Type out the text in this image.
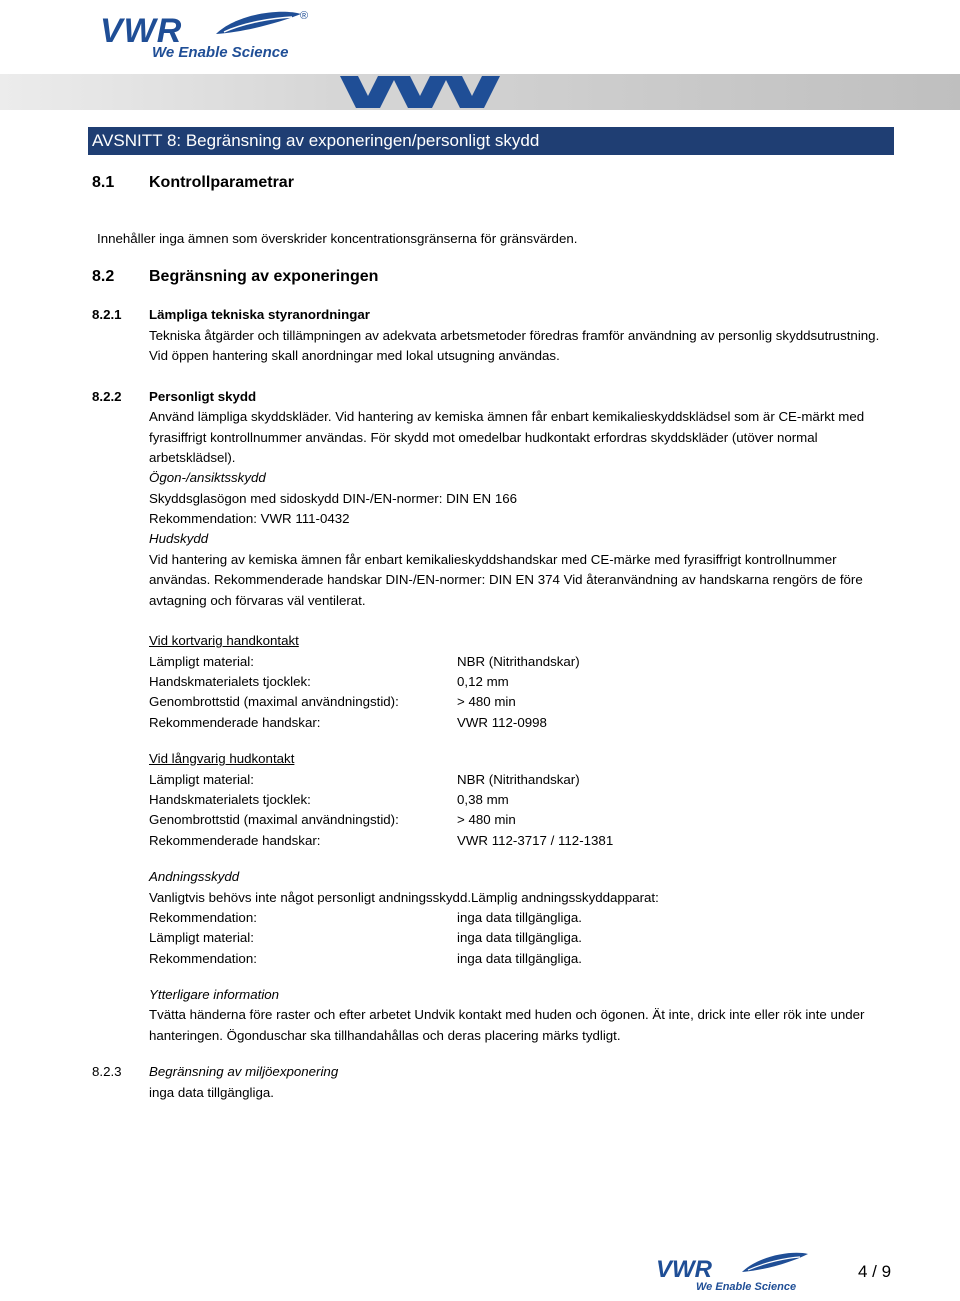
VWR	®
We Enable Science
AVSNITT 8: Begränsning av exponeringen/personligt skydd
8.1 Kontrollparametrar
Innehåller inga ämnen som överskrider koncentrationsgränserna för gränsvärden.
8.2 Begränsning av exponeringen
8.2.1 Lämpliga tekniska styranordningar
Tekniska åtgärder och tillämpningen av adekvata arbetsmetoder föredras framför användning av personlig skyddsutrustning.
Vid öppen hantering skall anordningar med lokal utsugning användas.
8.2.2 Personligt skydd
Använd lämpliga skyddskläder. Vid hantering av kemiska ämnen får enbart kemikalieskyddsklädsel som är CE-märkt med
fyrasiffrigt kontrollnummer användas. För skydd mot omedelbar hudkontakt erfordras skyddskläder (utöver normal
arbetsklädsel).
Ögon-/ansiktsskydd
Skyddsglasögon med sidoskydd DIN-/EN-normer: DIN EN 166
Rekommendation: VWR 111-0432
Hudskydd
Vid hantering av kemiska ämnen får enbart kemikalieskyddshandskar med CE-märke med fyrasiffrigt kontrollnummer
användas. Rekommenderade handskar DIN-/EN-normer: DIN EN 374 Vid återanvändning av handskarna rengörs de före
avtagning och förvaras väl ventilerat.
Vid kortvarig handkontakt
Lämpligt material:	NBR (Nitrithandskar)
Handskmaterialets tjocklek:	0,12 mm
Genombrottstid (maximal användningstid):	> 480 min
Rekommenderade handskar:	VWR 112-0998
Vid långvarig hudkontakt
Lämpligt material:	NBR (Nitrithandskar)
Handskmaterialets tjocklek:	0,38 mm
Genombrottstid (maximal användningstid):	> 480 min
Rekommenderade handskar:	VWR 112-3717 / 112-1381
Andningsskydd
Vanligtvis behövs inte något personligt andningsskydd.Lämplig andningsskyddapparat:
Rekommendation:	inga data tillgängliga.
Lämpligt material:	inga data tillgängliga.
Rekommendation:	inga data tillgängliga.
Ytterligare information
Tvätta händerna före raster och efter arbetet Undvik kontakt med huden och ögonen. Ät inte, drick inte eller rök inte under
hanteringen. Ögonduschar ska tillhandahållas och deras placering märks tydligt.
8.2.3 Begränsning av miljöexponering
inga data tillgängliga.
VWR
We Enable Science
4 / 9
